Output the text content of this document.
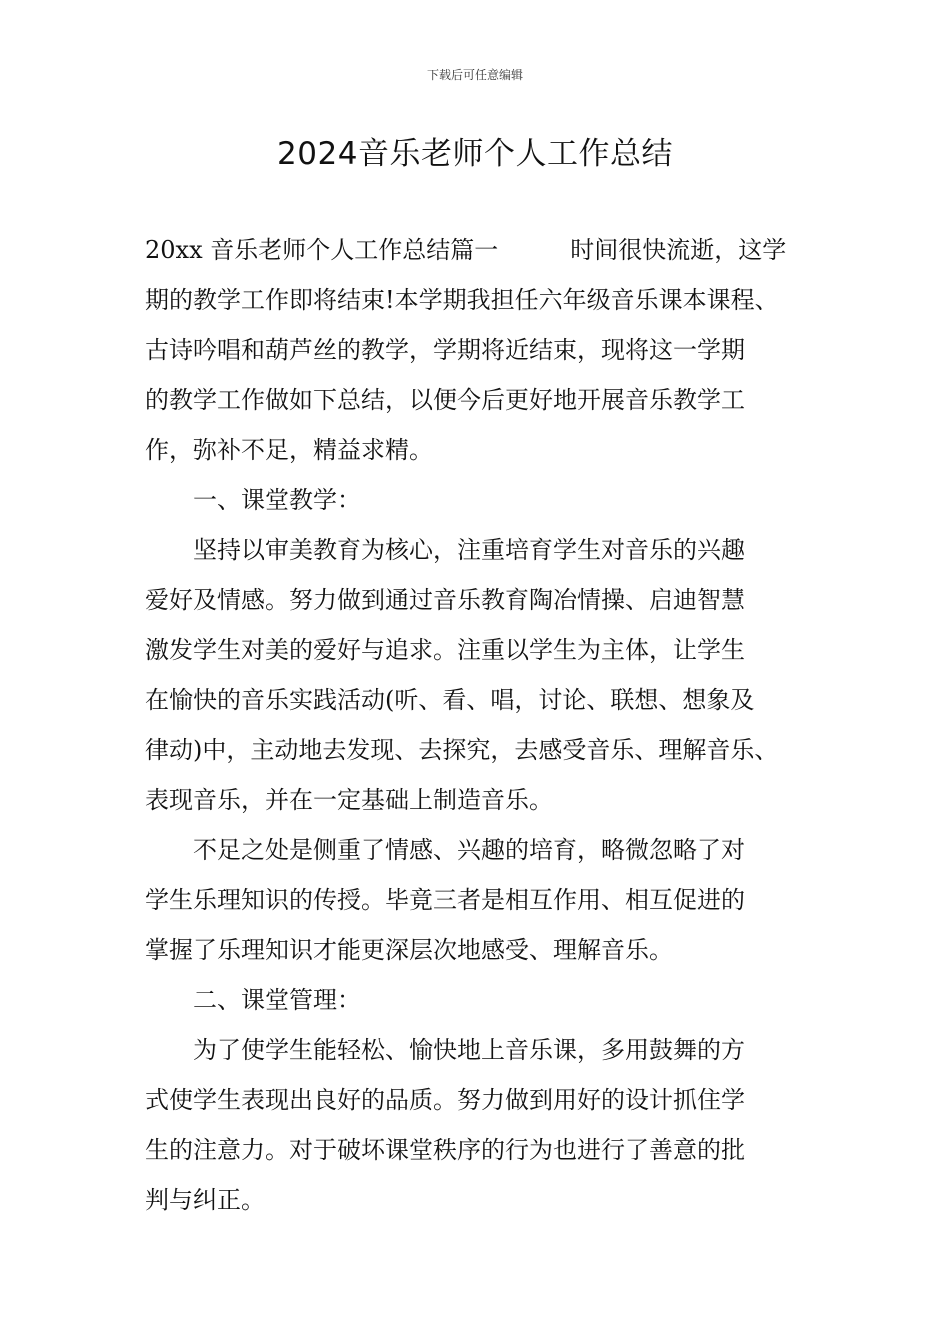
下载后可任意编辑
2024音乐老师个人工作总结
20xx 音乐老师个人工作总结篇一	时间很快流逝，这学
期的教学工作即将结束!本学期我担任六年级音乐课本课程、
古诗吟唱和葫芦丝的教学，学期将近结束，现将这一学期
的教学工作做如下总结，以便今后更好地开展音乐教学工
作，弥补不足，精益求精。
　　一、课堂教学：
　　坚持以审美教育为核心，注重培育学生对音乐的兴趣
爱好及情感。努力做到通过音乐教育陶冶情操、启迪智慧
激发学生对美的爱好与追求。注重以学生为主体，让学生
在愉快的音乐实践活动(听、看、唱，讨论、联想、想象及
律动)中，主动地去发现、去探究，去感受音乐、理解音乐、
表现音乐，并在一定基础上制造音乐。
　　不足之处是侧重了情感、兴趣的培育，略微忽略了对
学生乐理知识的传授。毕竟三者是相互作用、相互促进的
掌握了乐理知识才能更深层次地感受、理解音乐。
　　二、课堂管理：
　　为了使学生能轻松、愉快地上音乐课，多用鼓舞的方
式使学生表现出良好的品质。努力做到用好的设计抓住学
生的注意力。对于破坏课堂秩序的行为也进行了善意的批
判与纠正。
